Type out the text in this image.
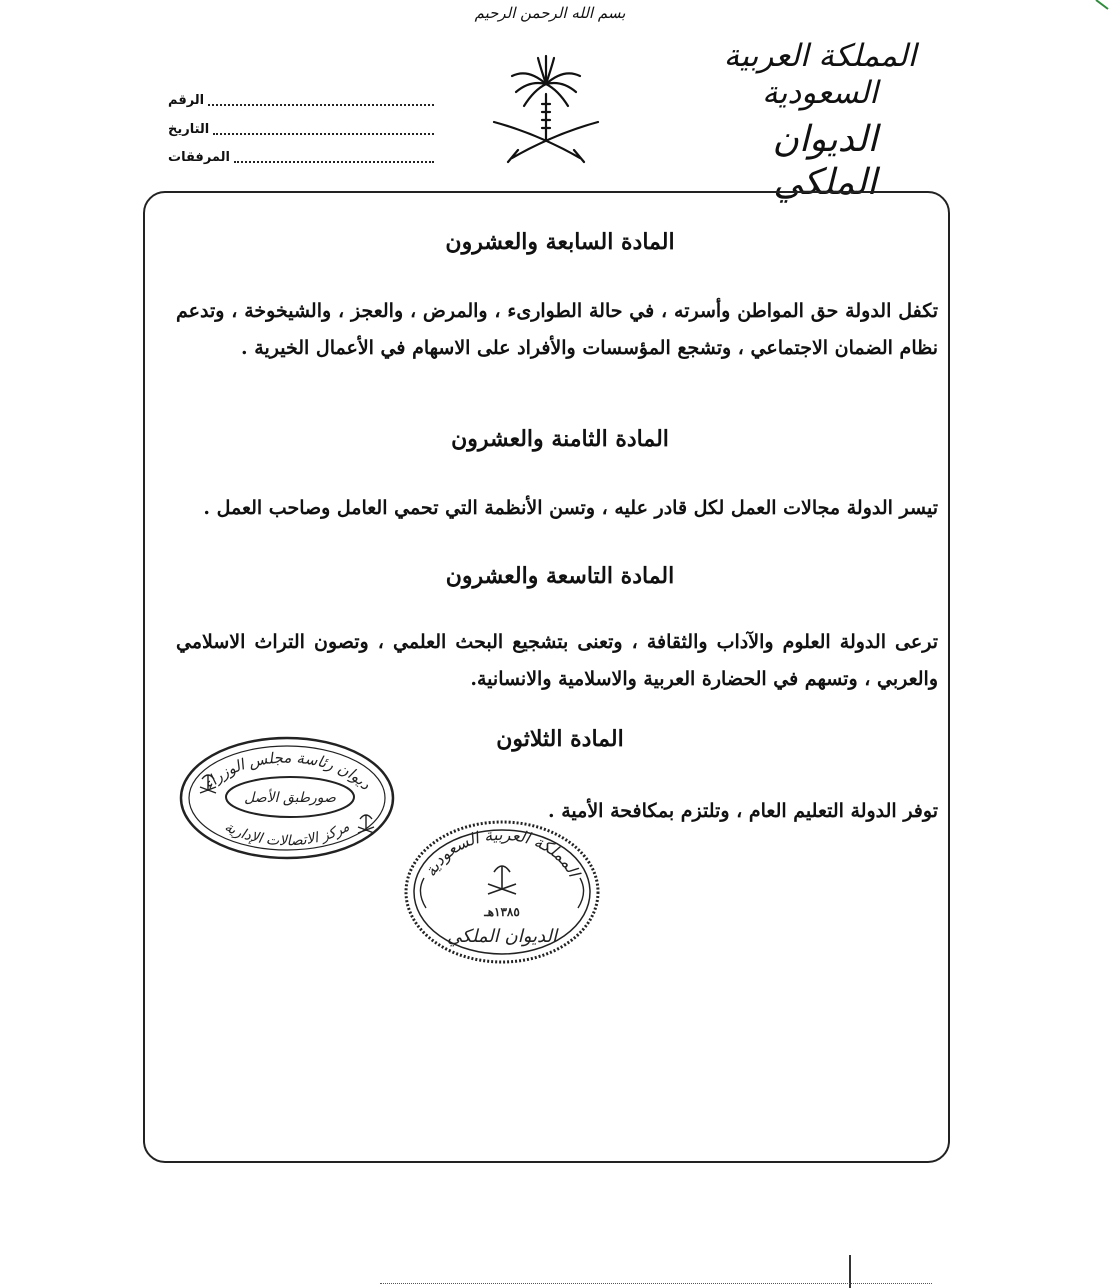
بسم الله الرحمن الرحيم
المملكة العربية السعودية
الديوان الملكي
الرقم
التاريخ
المرفقات
المادة السابعة والعشرون
تكفل الدولة حق المواطن وأسرته ، في حالة الطوارىء ، والمرض ، والعجز ، والشيخوخة ، وتدعم نظام الضمان الاجتماعي ، وتشجع المؤسسات والأفراد على الاسهام في الأعمال الخيرية .
المادة الثامنة والعشرون
تيسر الدولة مجالات العمل لكل قادر عليه ، وتسن الأنظمة التي تحمي العامل وصاحب العمل .
المادة التاسعة والعشرون
ترعى الدولة العلوم والآداب والثقافة ، وتعنى بتشجيع البحث العلمي ، وتصون التراث الاسلامي والعربي ، وتسهم في الحضارة العربية والاسلامية والانسانية.
المادة الثلاثون
توفر الدولة التعليم العام ، وتلتزم بمكافحة الأمية .
ديوان رئاسة مجلس الوزراء
صورطبق الأصل
مركز الاتصالات الإدارية
المملكة العربية السعودية
١٣٨٥هـ
الديوان الملكي
